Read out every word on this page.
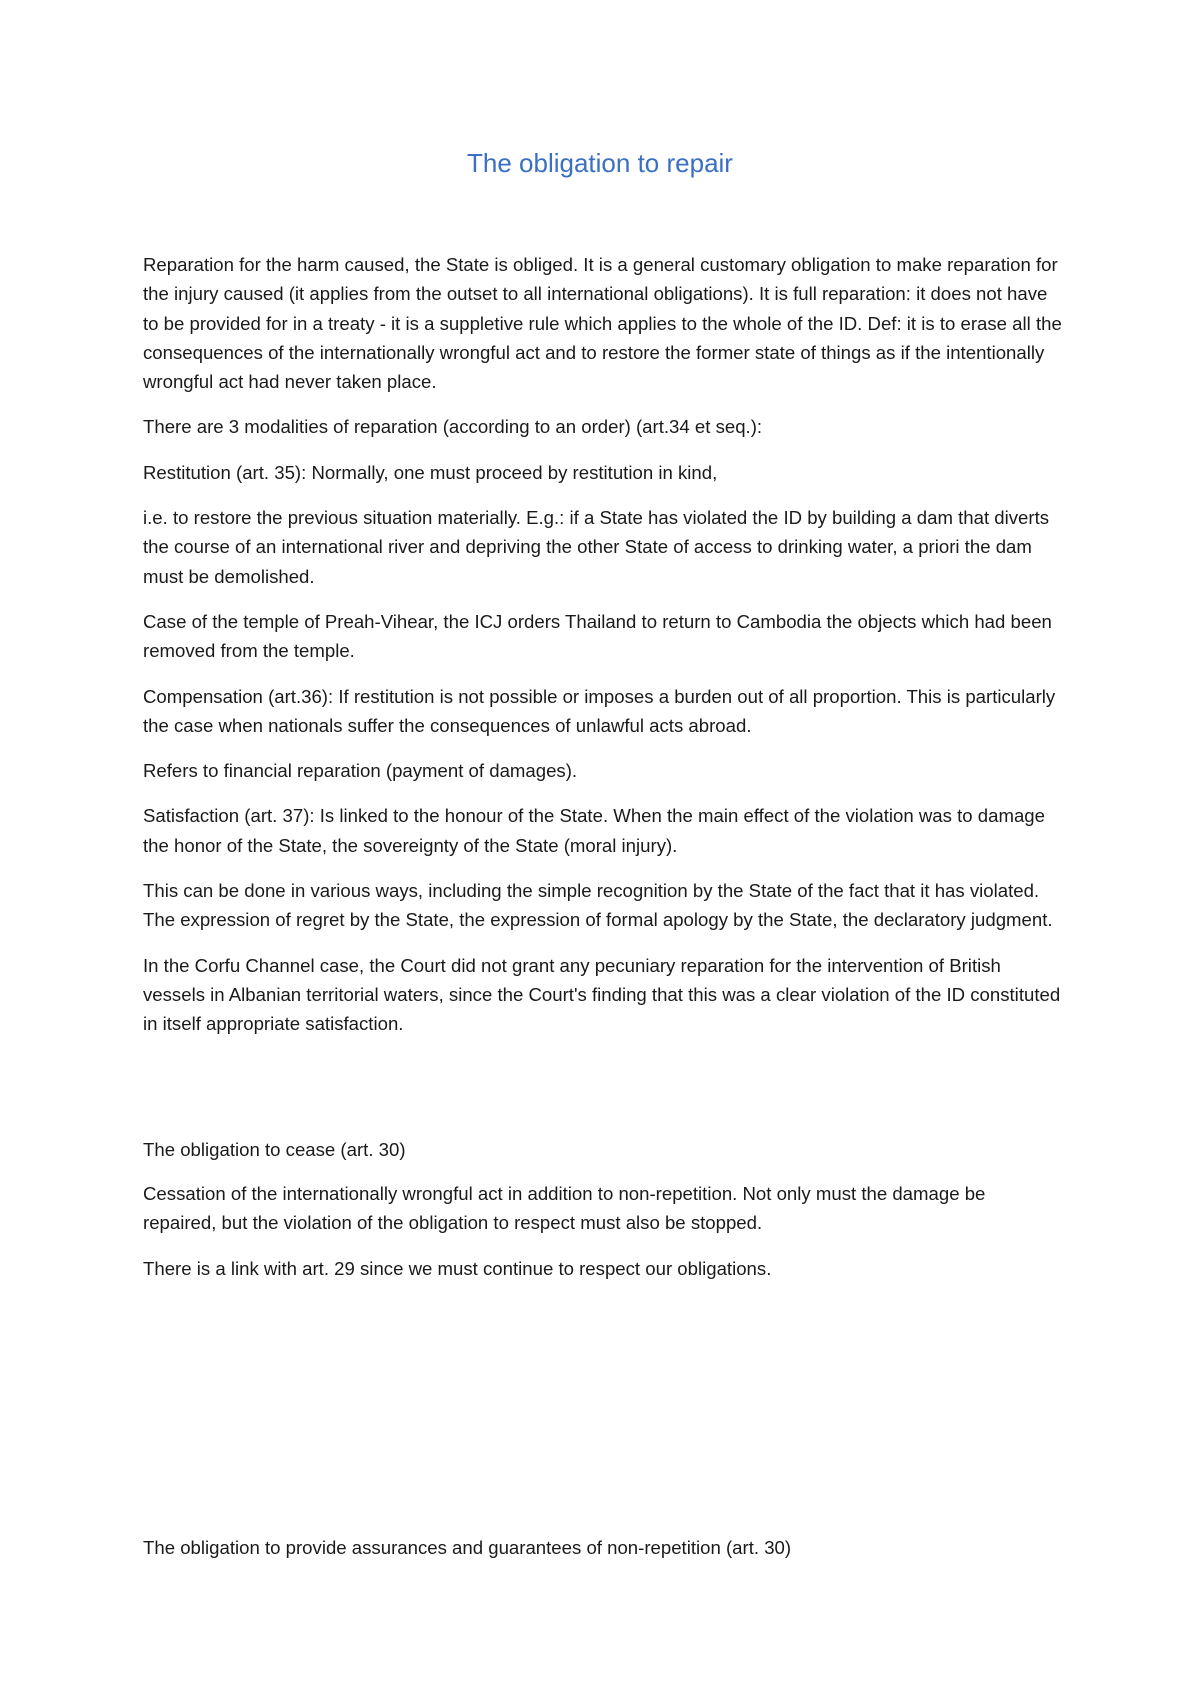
The obligation to repair

Reparation for the harm caused, the State is obliged. It is a general customary obligation to make reparation for the injury caused (it applies from the outset to all international obligations). It is full reparation: it does not have to be provided for in a treaty - it is a suppletive rule which applies to the whole of the ID. Def: it is to erase all the consequences of the internationally wrongful act and to restore the former state of things as if the intentionally wrongful act had never taken place.

There are 3 modalities of reparation (according to an order) (art.34 et seq.):

Restitution (art. 35): Normally, one must proceed by restitution in kind,

i.e. to restore the previous situation materially. E.g.: if a State has violated the ID by building a dam that diverts the course of an international river and depriving the other State of access to drinking water, a priori the dam must be demolished.

Case of the temple of Preah-Vihear, the ICJ orders Thailand to return to Cambodia the objects which had been removed from the temple.

Compensation (art.36): If restitution is not possible or imposes a burden out of all proportion. This is particularly the case when nationals suffer the consequences of unlawful acts abroad.

Refers to financial reparation (payment of damages).

Satisfaction (art. 37): Is linked to the honour of the State. When the main effect of the violation was to damage the honor of the State, the sovereignty of the State (moral injury).

This can be done in various ways, including the simple recognition by the State of the fact that it has violated. The expression of regret by the State, the expression of formal apology by the State, the declaratory judgment.

In the Corfu Channel case, the Court did not grant any pecuniary reparation for the intervention of British vessels in Albanian territorial waters, since the Court's finding that this was a clear violation of the ID constituted in itself appropriate satisfaction.

The obligation to cease (art. 30)

Cessation of the internationally wrongful act in addition to non-repetition. Not only must the damage be repaired, but the violation of the obligation to respect must also be stopped.

There is a link with art. 29 since we must continue to respect our obligations.

The obligation to provide assurances and guarantees of non-repetition (art. 30)
